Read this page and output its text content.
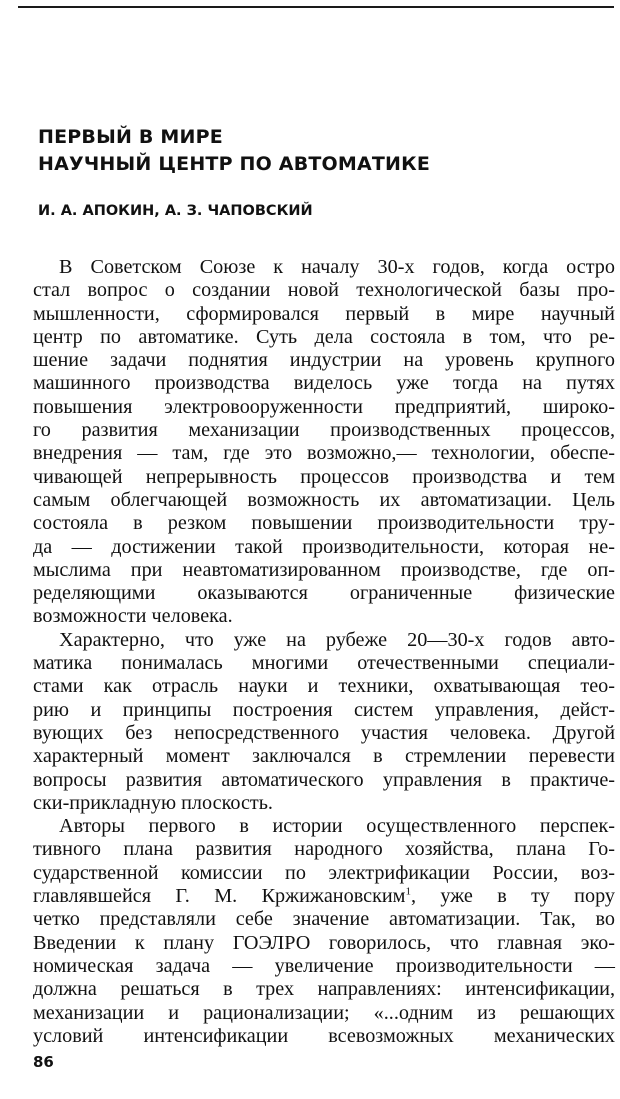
ПЕРВЫЙ В МИРЕ
НАУЧНЫЙ ЦЕНТР ПО АВТОМАТИКЕ

И. А. АПОКИН, А. З. ЧАПОВСКИЙ

В Советском Союзе к началу 30-х годов, когда остро
стал вопрос о создании новой технологической базы про-
мышленности, сформировался первый в мире научный
центр по автоматике. Суть дела состояла в том, что ре-
шение задачи поднятия индустрии на уровень крупного
машинного производства виделось уже тогда на путях
повышения электровооруженности предприятий, широко-
го развития механизации производственных процессов,
внедрения — там, где это возможно,— технологии, обеспе-
чивающей непрерывность процессов производства и тем
самым облегчающей возможность их автоматизации. Цель
состояла в резком повышении производительности тру-
да — достижении такой производительности, которая не-
мыслима при неавтоматизированном производстве, где оп-
ределяющими оказываются ограниченные физические
возможности человека.
Характерно, что уже на рубеже 20—30-х годов авто-
матика понималась многими отечественными специали-
стами как отрасль науки и техники, охватывающая тео-
рию и принципы построения систем управления, дейст-
вующих без непосредственного участия человека. Другой
характерный момент заключался в стремлении перевести
вопросы развития автоматического управления в практиче-
ски-прикладную плоскость.
Авторы первого в истории осуществленного перспек-
тивного плана развития народного хозяйства, плана Го-
сударственной комиссии по электрификации России, воз-
главлявшейся Г. М. Кржижановским$^1$, уже в ту пору
четко представляли себе значение автоматизации. Так, во
Введении к плану ГОЭЛРО говорилось, что главная эко-
номическая задача — увеличение производительности —
должна решаться в трех направлениях: интенсификации,
механизации и рационализации; «...одним из решающих
условий интенсификации всевозможных механических
86
